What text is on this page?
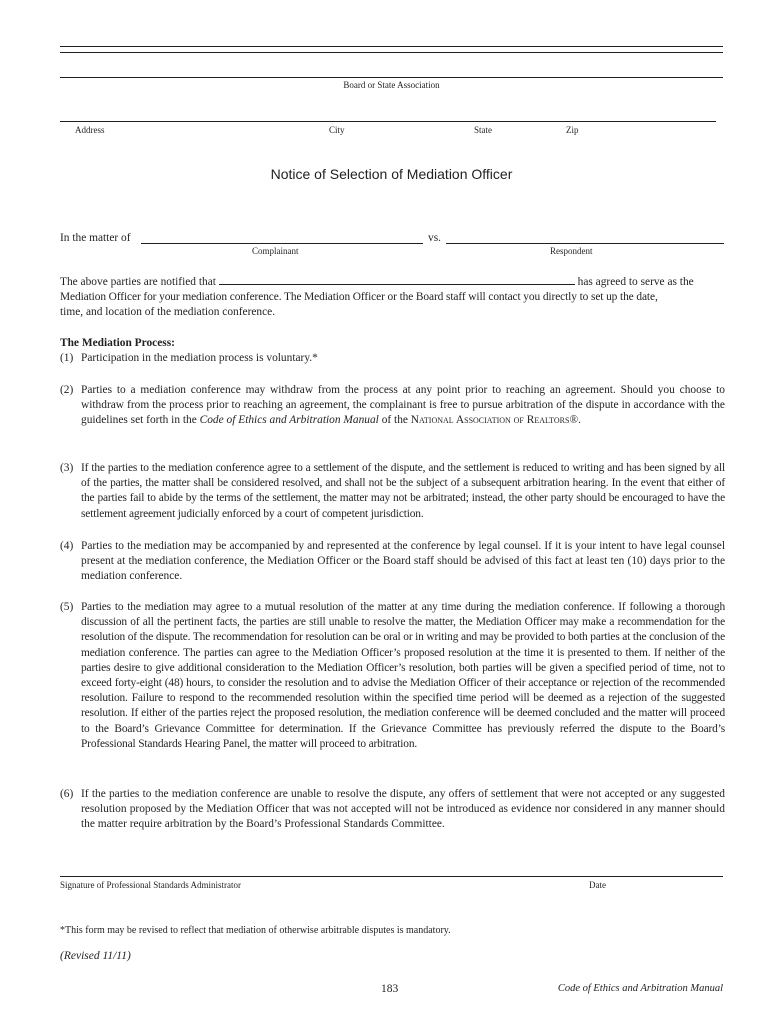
Board or State Association
Address	City	State	Zip
Notice of Selection of Mediation Officer
In the matter of	vs.
Complainant	Respondent
The above parties are notified that	has agreed to serve as the
Mediation Officer for your mediation conference. The Mediation Officer or the Board staff will contact you directly to set up the date,
time, and location of the mediation conference.
The Mediation Process:
(1) Participation in the mediation process is voluntary.*
(2) Parties to a mediation conference may withdraw from the process at any point prior to reaching an agreement. Should you choose to withdraw from the process prior to reaching an agreement, the complainant is free to pursue arbitration of the dispute in accordance with the guidelines set forth in the Code of Ethics and Arbitration Manual of the National Association of Realtors®.
(3) If the parties to the mediation conference agree to a settlement of the dispute, and the settlement is reduced to writing and has been signed by all of the parties, the matter shall be considered resolved, and shall not be the subject of a subsequent arbitration hearing. In the event that either of the parties fail to abide by the terms of the settlement, the matter may not be arbitrated; instead, the other party should be encouraged to have the settlement agreement judicially enforced by a court of competent jurisdiction.
(4) Parties to the mediation may be accompanied by and represented at the conference by legal counsel. If it is your intent to have legal counsel present at the mediation conference, the Mediation Officer or the Board staff should be advised of this fact at least ten (10) days prior to the mediation conference.
(5) Parties to the mediation may agree to a mutual resolution of the matter at any time during the mediation conference. If following a thorough discussion of all the pertinent facts, the parties are still unable to resolve the matter, the Mediation Officer may make a recommendation for the resolution of the dispute. The recommendation for resolution can be oral or in writing and may be provided to both parties at the conclusion of the mediation conference. The parties can agree to the Mediation Officer’s proposed resolution at the time it is presented to them. If neither of the parties desire to give additional consideration to the Mediation Officer’s resolution, both parties will be given a specified period of time, not to exceed forty-eight (48) hours, to consider the resolution and to advise the Mediation Officer of their acceptance or rejection of the recommended resolution. Failure to respond to the recommended resolution within the specified time period will be deemed as a rejection of the suggested resolution. If either of the parties reject the proposed resolution, the mediation conference will be deemed concluded and the matter will proceed to the Board’s Grievance Committee for determination. If the Grievance Committee has previously referred the dispute to the Board’s Professional Standards Hearing Panel, the matter will proceed to arbitration.
(6) If the parties to the mediation conference are unable to resolve the dispute, any offers of settlement that were not accepted or any suggested resolution proposed by the Mediation Officer that was not accepted will not be introduced as evidence nor considered in any manner should the matter require arbitration by the Board’s Professional Standards Committee.
Signature of Professional Standards Administrator	Date
*This form may be revised to reflect that mediation of otherwise arbitrable disputes is mandatory.
(Revised 11/11)
183	Code of Ethics and Arbitration Manual
